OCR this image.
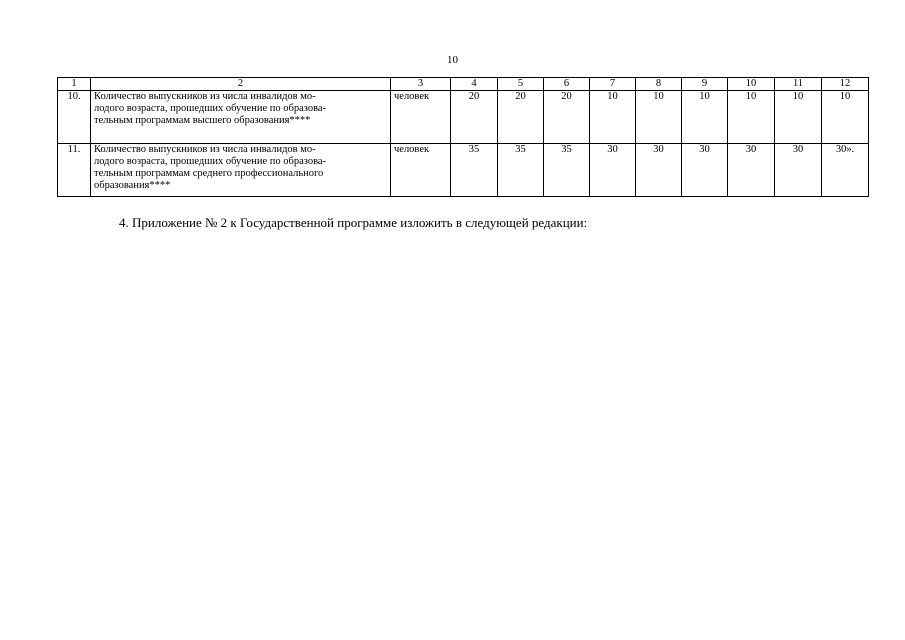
10
1	2	3	4	5	6	7	8	9	10	11	12
10.	Количество выпускников из числа инвалидов мо-
лодого возраста, прошедших обучение по образова-
тельным программам высшего образования****	человек	20	20	20	10	10	10	10	10	10
11.	Количество выпускников из числа инвалидов мо-
лодого возраста, прошедших обучение по образова-
тельным программам среднего профессионального
образования****	человек	35	35	35	30	30	30	30	30	30».
4. Приложение № 2 к Государственной программе изложить в следующей редакции:
